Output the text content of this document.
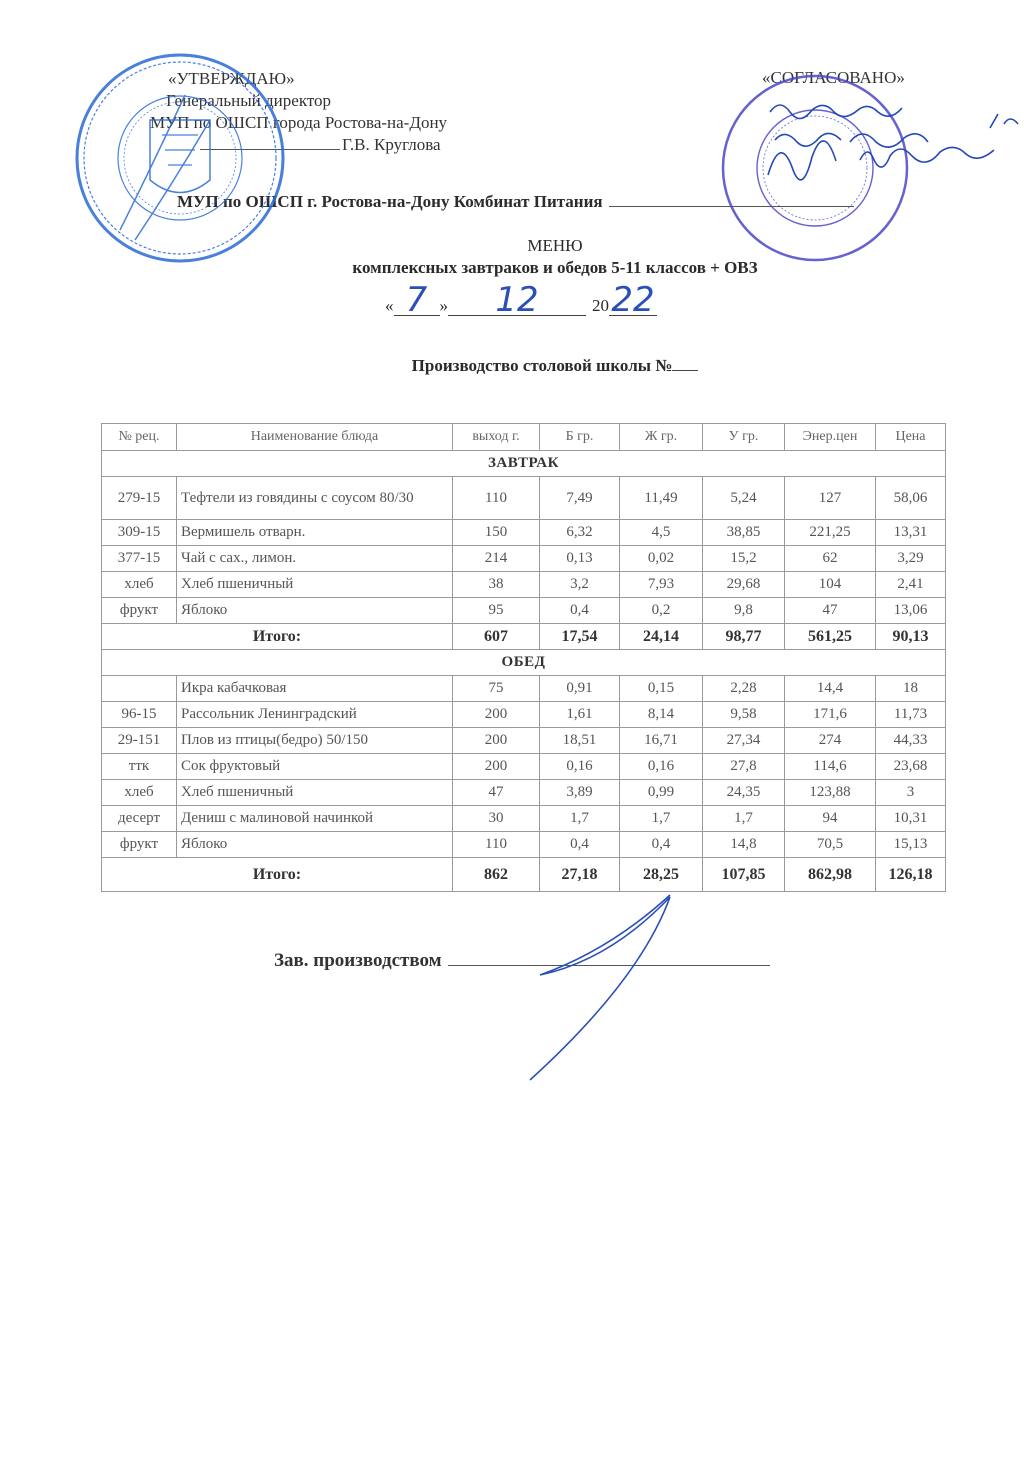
«УТВЕРЖДАЮ»
Генеральный директор
МУП по ОШСП города Ростова-на-Дону
Г.В. Круглова
«СОГЛАСОВАНО»
МУП по ОШСП г. Ростова-на-Дону Комбинат Питания
МЕНЮ
комплексных завтраков и обедов 5-11 классов + ОВЗ
« 7 »	12	20 22
Производство столовой школы №
№ рец.	Наименование блюда	выход г.	Б гр.	Ж гр.	У гр.	Энер.цен	Цена
ЗАВТРАК							
279-15	Тефтели из говядины с соусом 80/30	110	7,49	11,49	5,24	127	58,06
309-15	Вермишель отварн.	150	6,32	4,5	38,85	221,25	13,31
377-15	Чай с сах., лимон.	214	0,13	0,02	15,2	62	3,29
хлеб	Хлеб пшеничный	38	3,2	7,93	29,68	104	2,41
фрукт	Яблоко	95	0,4	0,2	9,8	47	13,06
Итого:		607	17,54	24,14	98,77	561,25	90,13
ОБЕД							
	Икра кабачковая	75	0,91	0,15	2,28	14,4	18
96-15	Рассольник Ленинградский	200	1,61	8,14	9,58	171,6	11,73
29-151	Плов из птицы(бедро) 50/150	200	18,51	16,71	27,34	274	44,33
ттк	Сок фруктовый	200	0,16	0,16	27,8	114,6	23,68
хлеб	Хлеб пшеничный	47	3,89	0,99	24,35	123,88	3
десерт	Дениш с малиновой начинкой	30	1,7	1,7	1,7	94	10,31
фрукт	Яблоко	110	0,4	0,4	14,8	70,5	15,13
Итого:		862	27,18	28,25	107,85	862,98	126,18
Зав. производством
